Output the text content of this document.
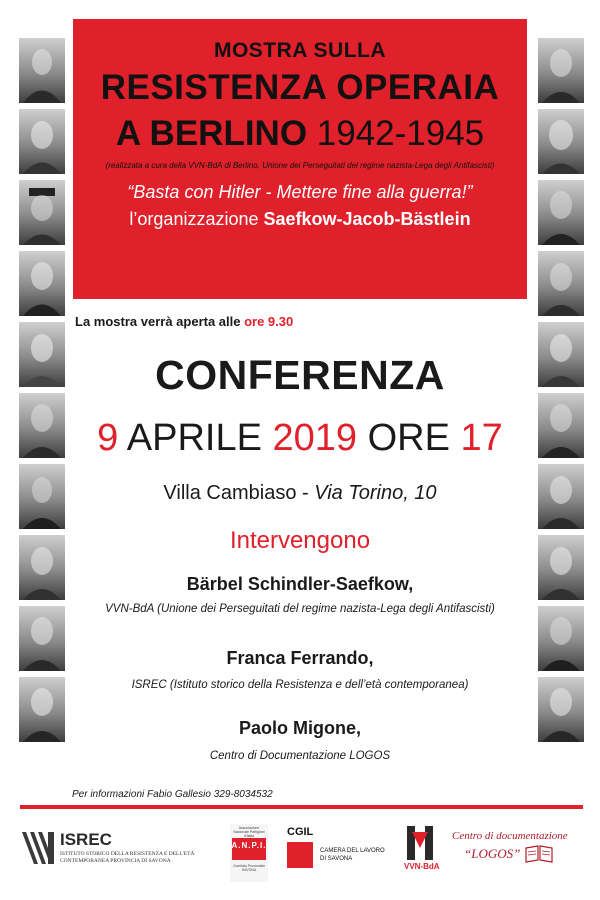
MOSTRA SULLA
RESISTENZA OPERAIA
A BERLINO 1942-1945
(realizzata a cura della VVN-BdA di Berlino, Unione dei Perseguitati del regime nazista-Lega degli Antifascisti)
“Basta con Hitler - Mettere fine alla guerra!”
l’organizzazione Saefkow-Jacob-Bästlein
La mostra verrà aperta alle ore 9.30
CONFERENZA
9 APRILE 2019 ORE 17
Villa Cambiaso - Via Torino, 10
Intervengono
Bärbel Schindler-Saefkow,
VVN-BdA (Unione dei Perseguitati del regime nazista-Lega degli Antifascisti)
Franca Ferrando,
ISREC (Istituto storico della Resistenza e dell’età contemporanea)
Paolo Migone,
Centro di Documentazione LOGOS
Per informazioni Fabio Gallesio 329-8034532
ISREC
ISTITUTO STORICO DELLA RESISTENZA E DELL'ETÀ CONTEMPORANEA PROVINCIA DI SAVONA
Associazione Nazionale Partigiani d'Italia
A.N.P.I.
Comitato Provinciale SAVONA
CGIL
CAMERA DEL LAVORO
DI SAVONA
VVN-BdA
Centro di documentazione
“LOGOS”
